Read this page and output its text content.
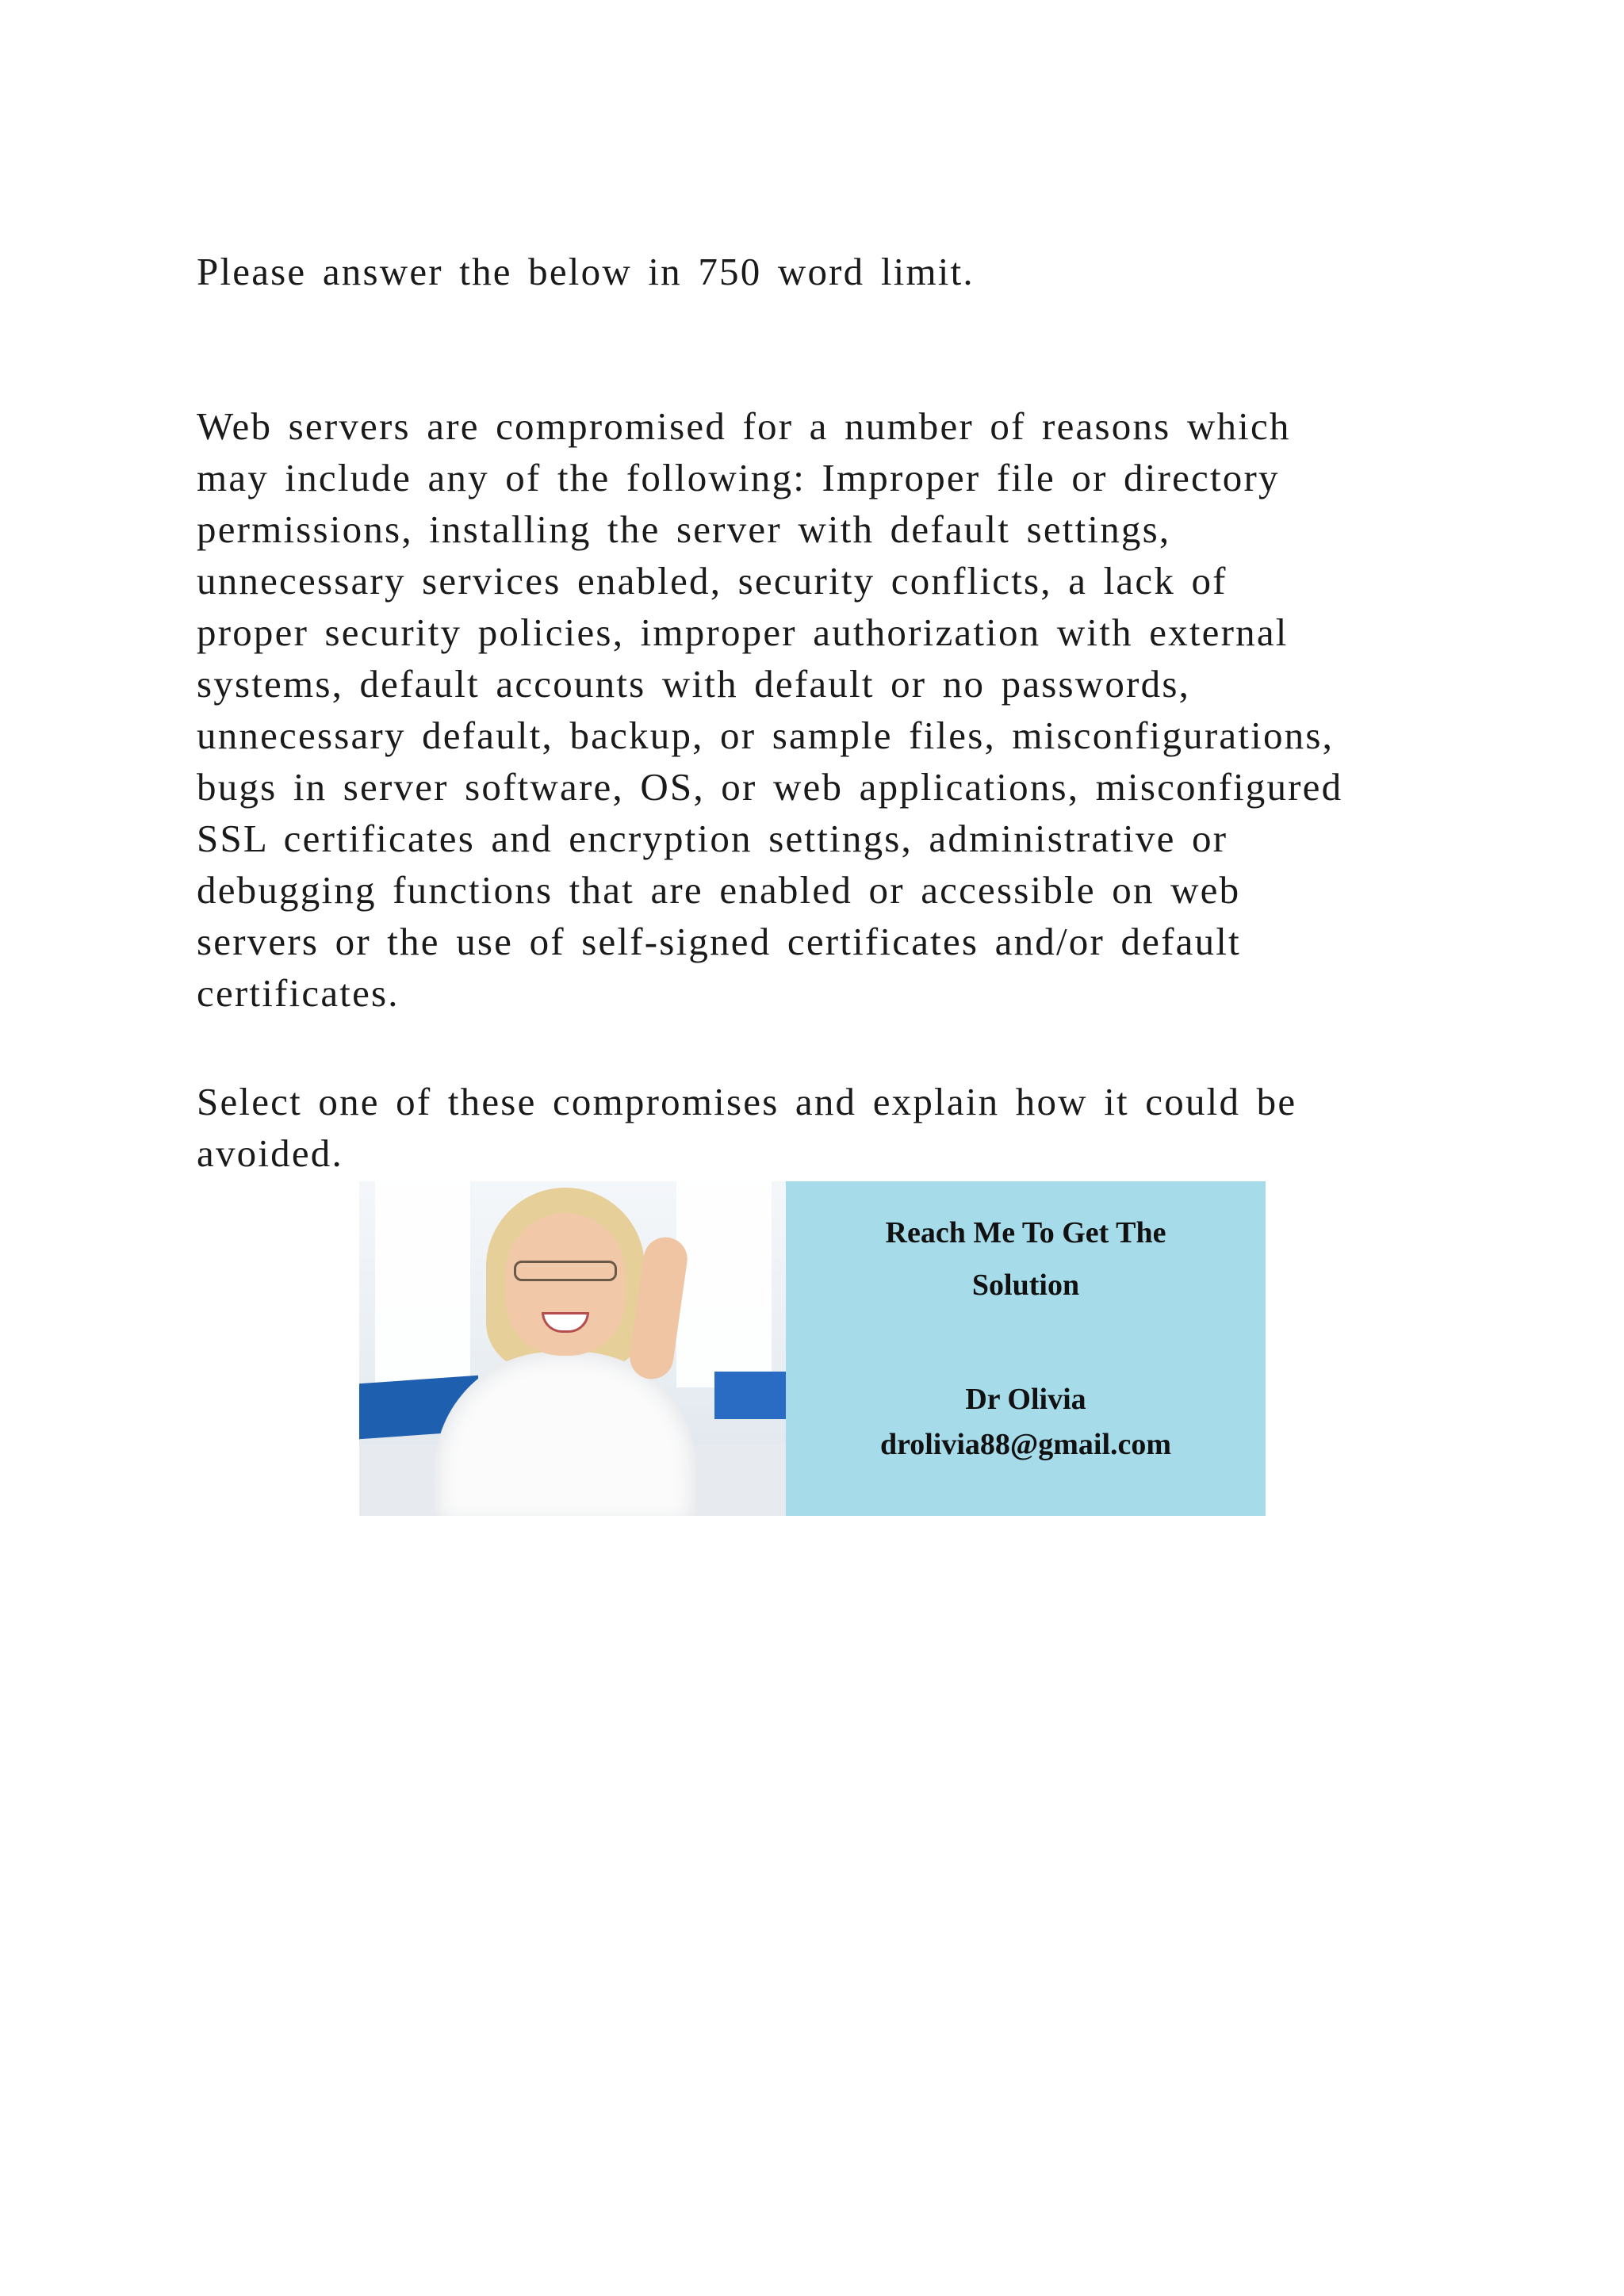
Please answer the below in 750 word limit.
Web servers are compromised for a number of reasons which
may include any of the following: Improper file or directory
permissions, installing the server with default settings,
unnecessary services enabled, security conflicts, a lack of
proper security policies, improper authorization with external
systems, default accounts with default or no passwords,
unnecessary default, backup, or sample files, misconfigurations,
bugs in server software, OS, or web applications, misconfigured
SSL certificates and encryption settings, administrative or
debugging functions that are enabled or accessible on web
servers or the use of self-signed certificates and/or default
certificates.
Select one of these compromises and explain how it could be
avoided.
Reach Me To Get The
Solution
Dr Olivia
drolivia88@gmail.com
